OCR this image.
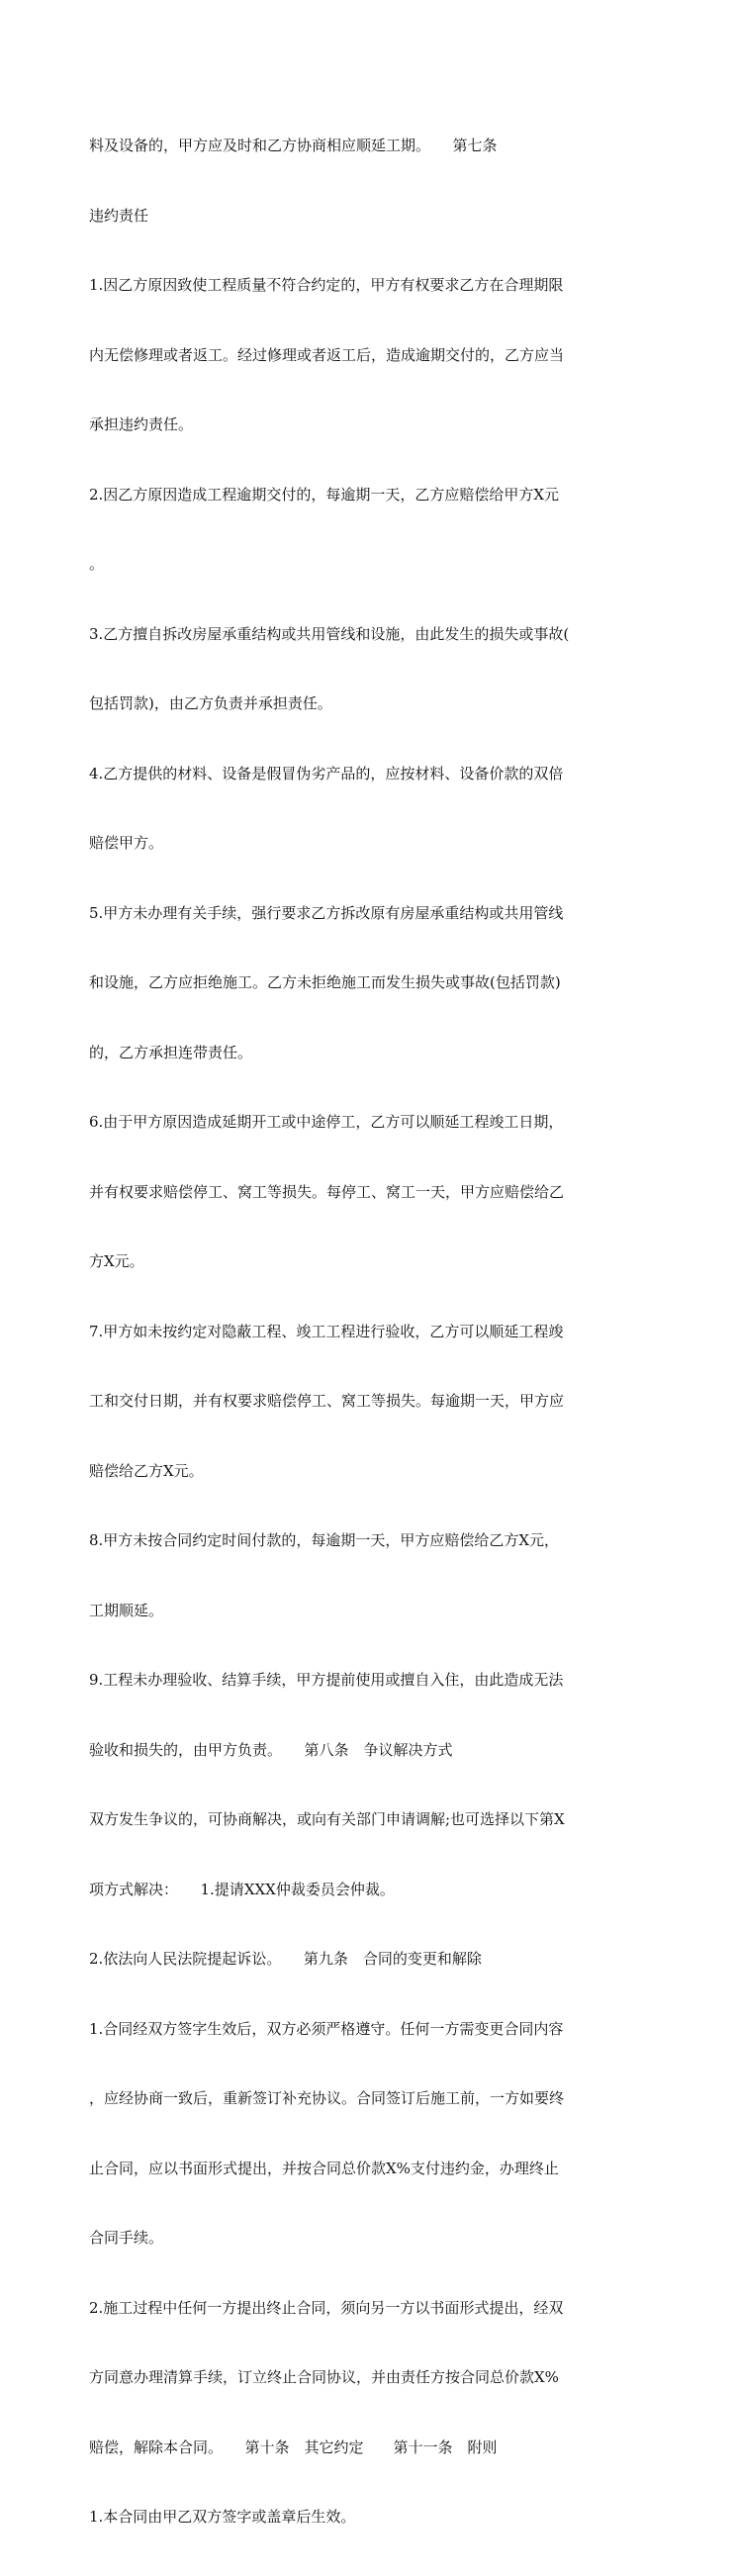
料及设备的，甲方应及时和乙方协商相应顺延工期。　　第七条

违约责任

1.因乙方原因致使工程质量不符合约定的，甲方有权要求乙方在合理期限

内无偿修理或者返工。经过修理或者返工后，造成逾期交付的，乙方应当

承担违约责任。

2.因乙方原因造成工程逾期交付的，每逾期一天，乙方应赔偿给甲方X元

。

3.乙方擅自拆改房屋承重结构或共用管线和设施，由此发生的损失或事故(

包括罚款)，由乙方负责并承担责任。

4.乙方提供的材料、设备是假冒伪劣产品的，应按材料、设备价款的双倍

赔偿甲方。

5.甲方未办理有关手续，强行要求乙方拆改原有房屋承重结构或共用管线

和设施，乙方应拒绝施工。乙方未拒绝施工而发生损失或事故(包括罚款)

的，乙方承担连带责任。

6.由于甲方原因造成延期开工或中途停工，乙方可以顺延工程竣工日期，

并有权要求赔偿停工、窝工等损失。每停工、窝工一天，甲方应赔偿给乙

方X元。

7.甲方如未按约定对隐蔽工程、竣工工程进行验收，乙方可以顺延工程竣

工和交付日期，并有权要求赔偿停工、窝工等损失。每逾期一天，甲方应

赔偿给乙方X元。

8.甲方未按合同约定时间付款的，每逾期一天，甲方应赔偿给乙方X元，

工期顺延。

9.工程未办理验收、结算手续，甲方提前使用或擅自入住，由此造成无法

验收和损失的，由甲方负责。　　第八条　争议解决方式

双方发生争议的，可协商解决，或向有关部门申请调解;也可选择以下第X

项方式解决：　　1.提请XXX仲裁委员会仲裁。

2.依法向人民法院提起诉讼。　　第九条　合同的变更和解除

1.合同经双方签字生效后，双方必须严格遵守。任何一方需变更合同内容

，应经协商一致后，重新签订补充协议。合同签订后施工前，一方如要终

止合同，应以书面形式提出，并按合同总价款X%支付违约金，办理终止

合同手续。

2.施工过程中任何一方提出终止合同，须向另一方以书面形式提出，经双

方同意办理清算手续，订立终止合同协议，并由责任方按合同总价款X%

赔偿，解除本合同。　　第十条　其它约定　　第十一条　附则

1.本合同由甲乙双方签字或盖章后生效。
